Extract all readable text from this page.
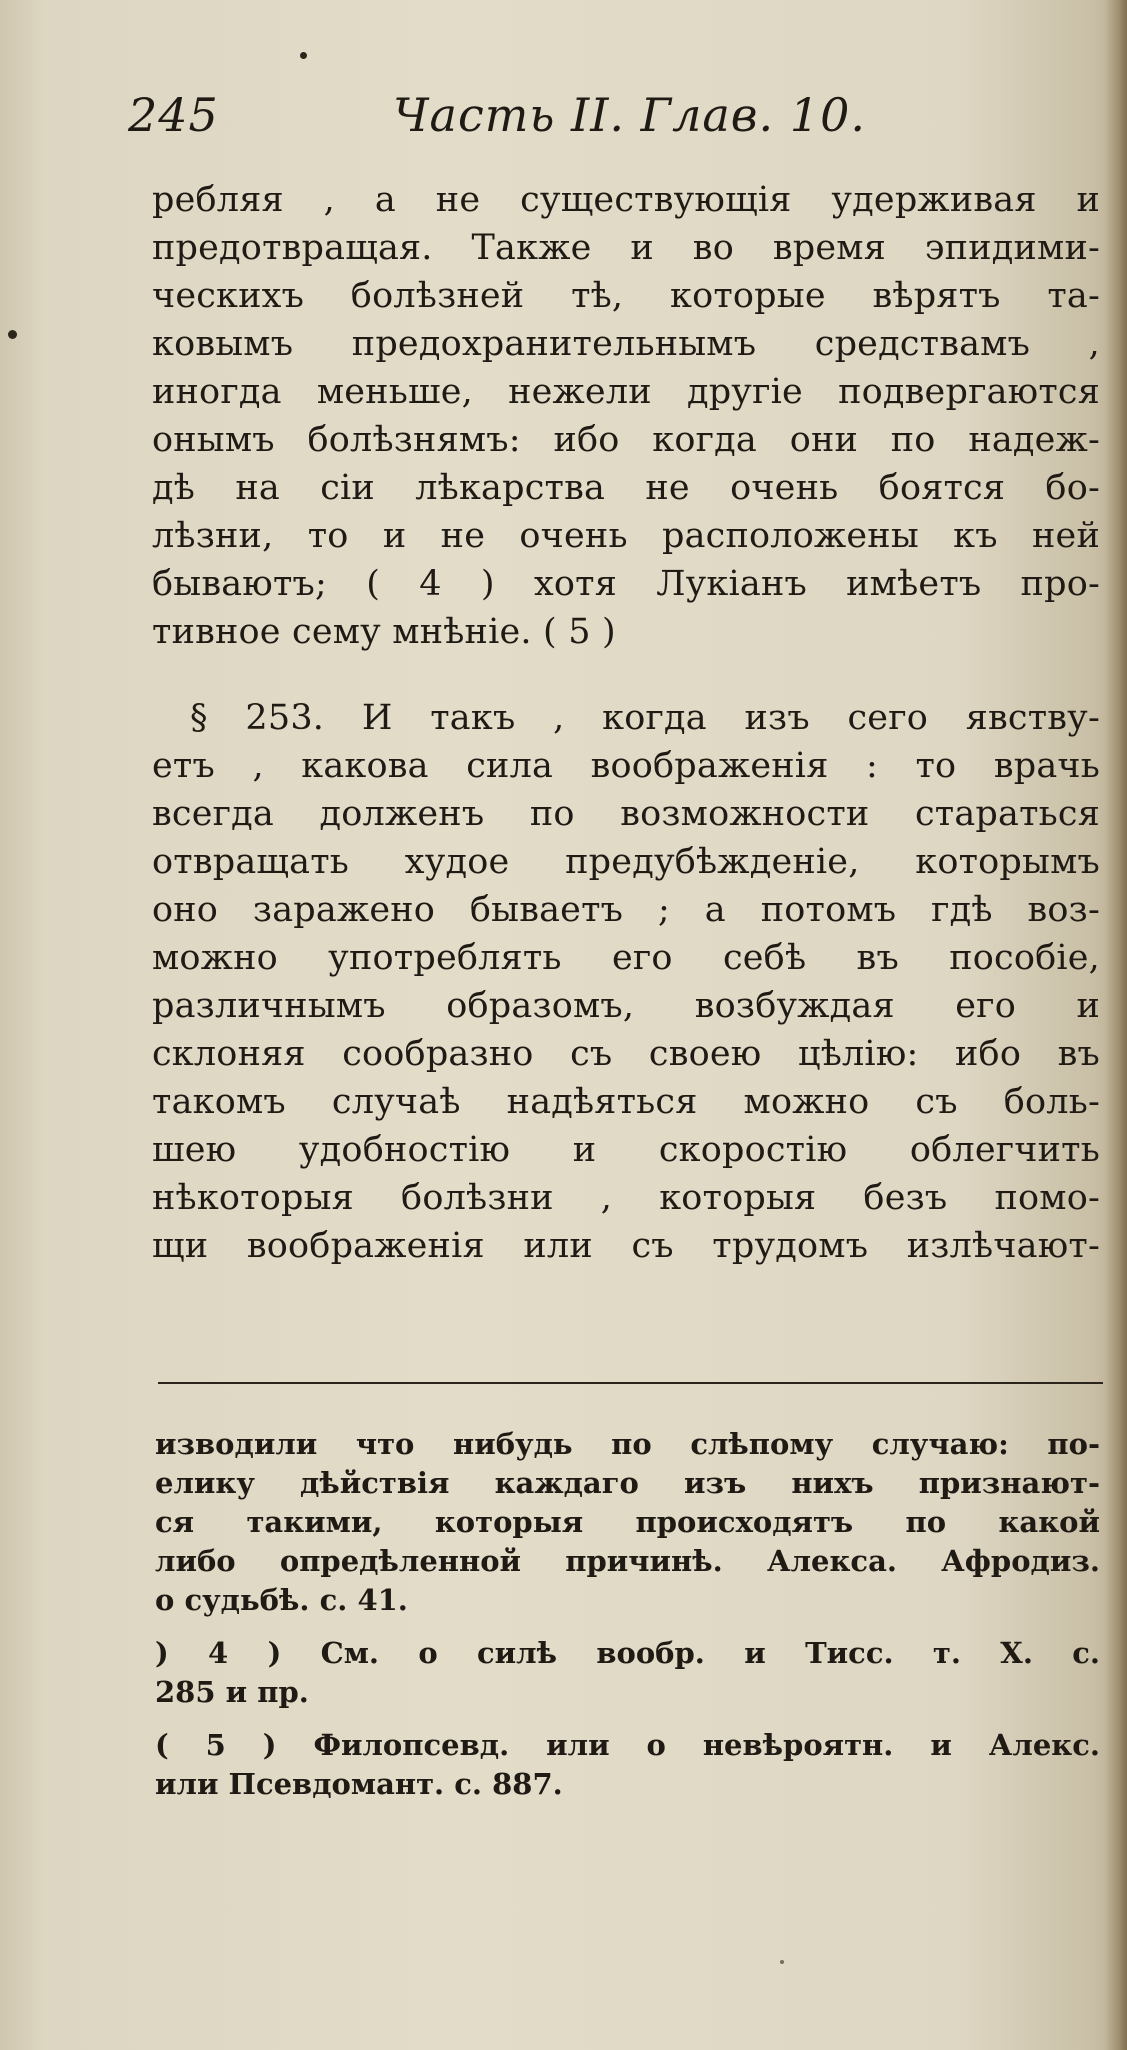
245	Часть II. Глав. 10.
ребляя , а не существующія удерживая и
предотвращая. Также и во время эпидими-
ческихъ болѣзней тѣ, которые вѣрятъ та-
ковымъ предохранительнымъ средствамъ ,
иногда меньше, нежели другіе подвергаются
онымъ болѣзнямъ: ибо когда они по надеж-
дѣ на сіи лѣкарства не очень боятся бо-
лѣзни, то и не очень расположены къ ней
бываютъ; ( 4 ) хотя Лукіанъ имѣетъ про-
тивное сему мнѣніе. ( 5 )
§ 253. И такъ , когда изъ сего явству-
етъ , какова сила воображенія : то врачь
всегда долженъ по возможности стараться
отвращать худое предубѣжденіе, которымъ
оно заражено бываетъ ; а потомъ гдѣ воз-
можно употреблять его себѣ въ пособіе,
различнымъ образомъ, возбуждая его и
склоняя сообразно съ своею цѣлію: ибо въ
такомъ случаѣ надѣяться можно съ боль-
шею удобностію и скоростію облегчить
нѣкоторыя болѣзни , которыя безъ помо-
щи воображенія или съ трудомъ излѣчают-
изводили что нибудь по слѣпому случаю: по-
елику дѣйствія каждаго изъ нихъ признают-
ся такими, которыя происходятъ по какой
либо опредѣленной причинѣ. Алекса. Афродиз.
о судьбѣ. с. 41.
) 4 ) См. о силѣ вообр. и Тисс. т. X. с.
285 и пр.
( 5 ) Филопсевд. или о невѣроятн. и Алекс.
или Псевдомант. с. 887.
